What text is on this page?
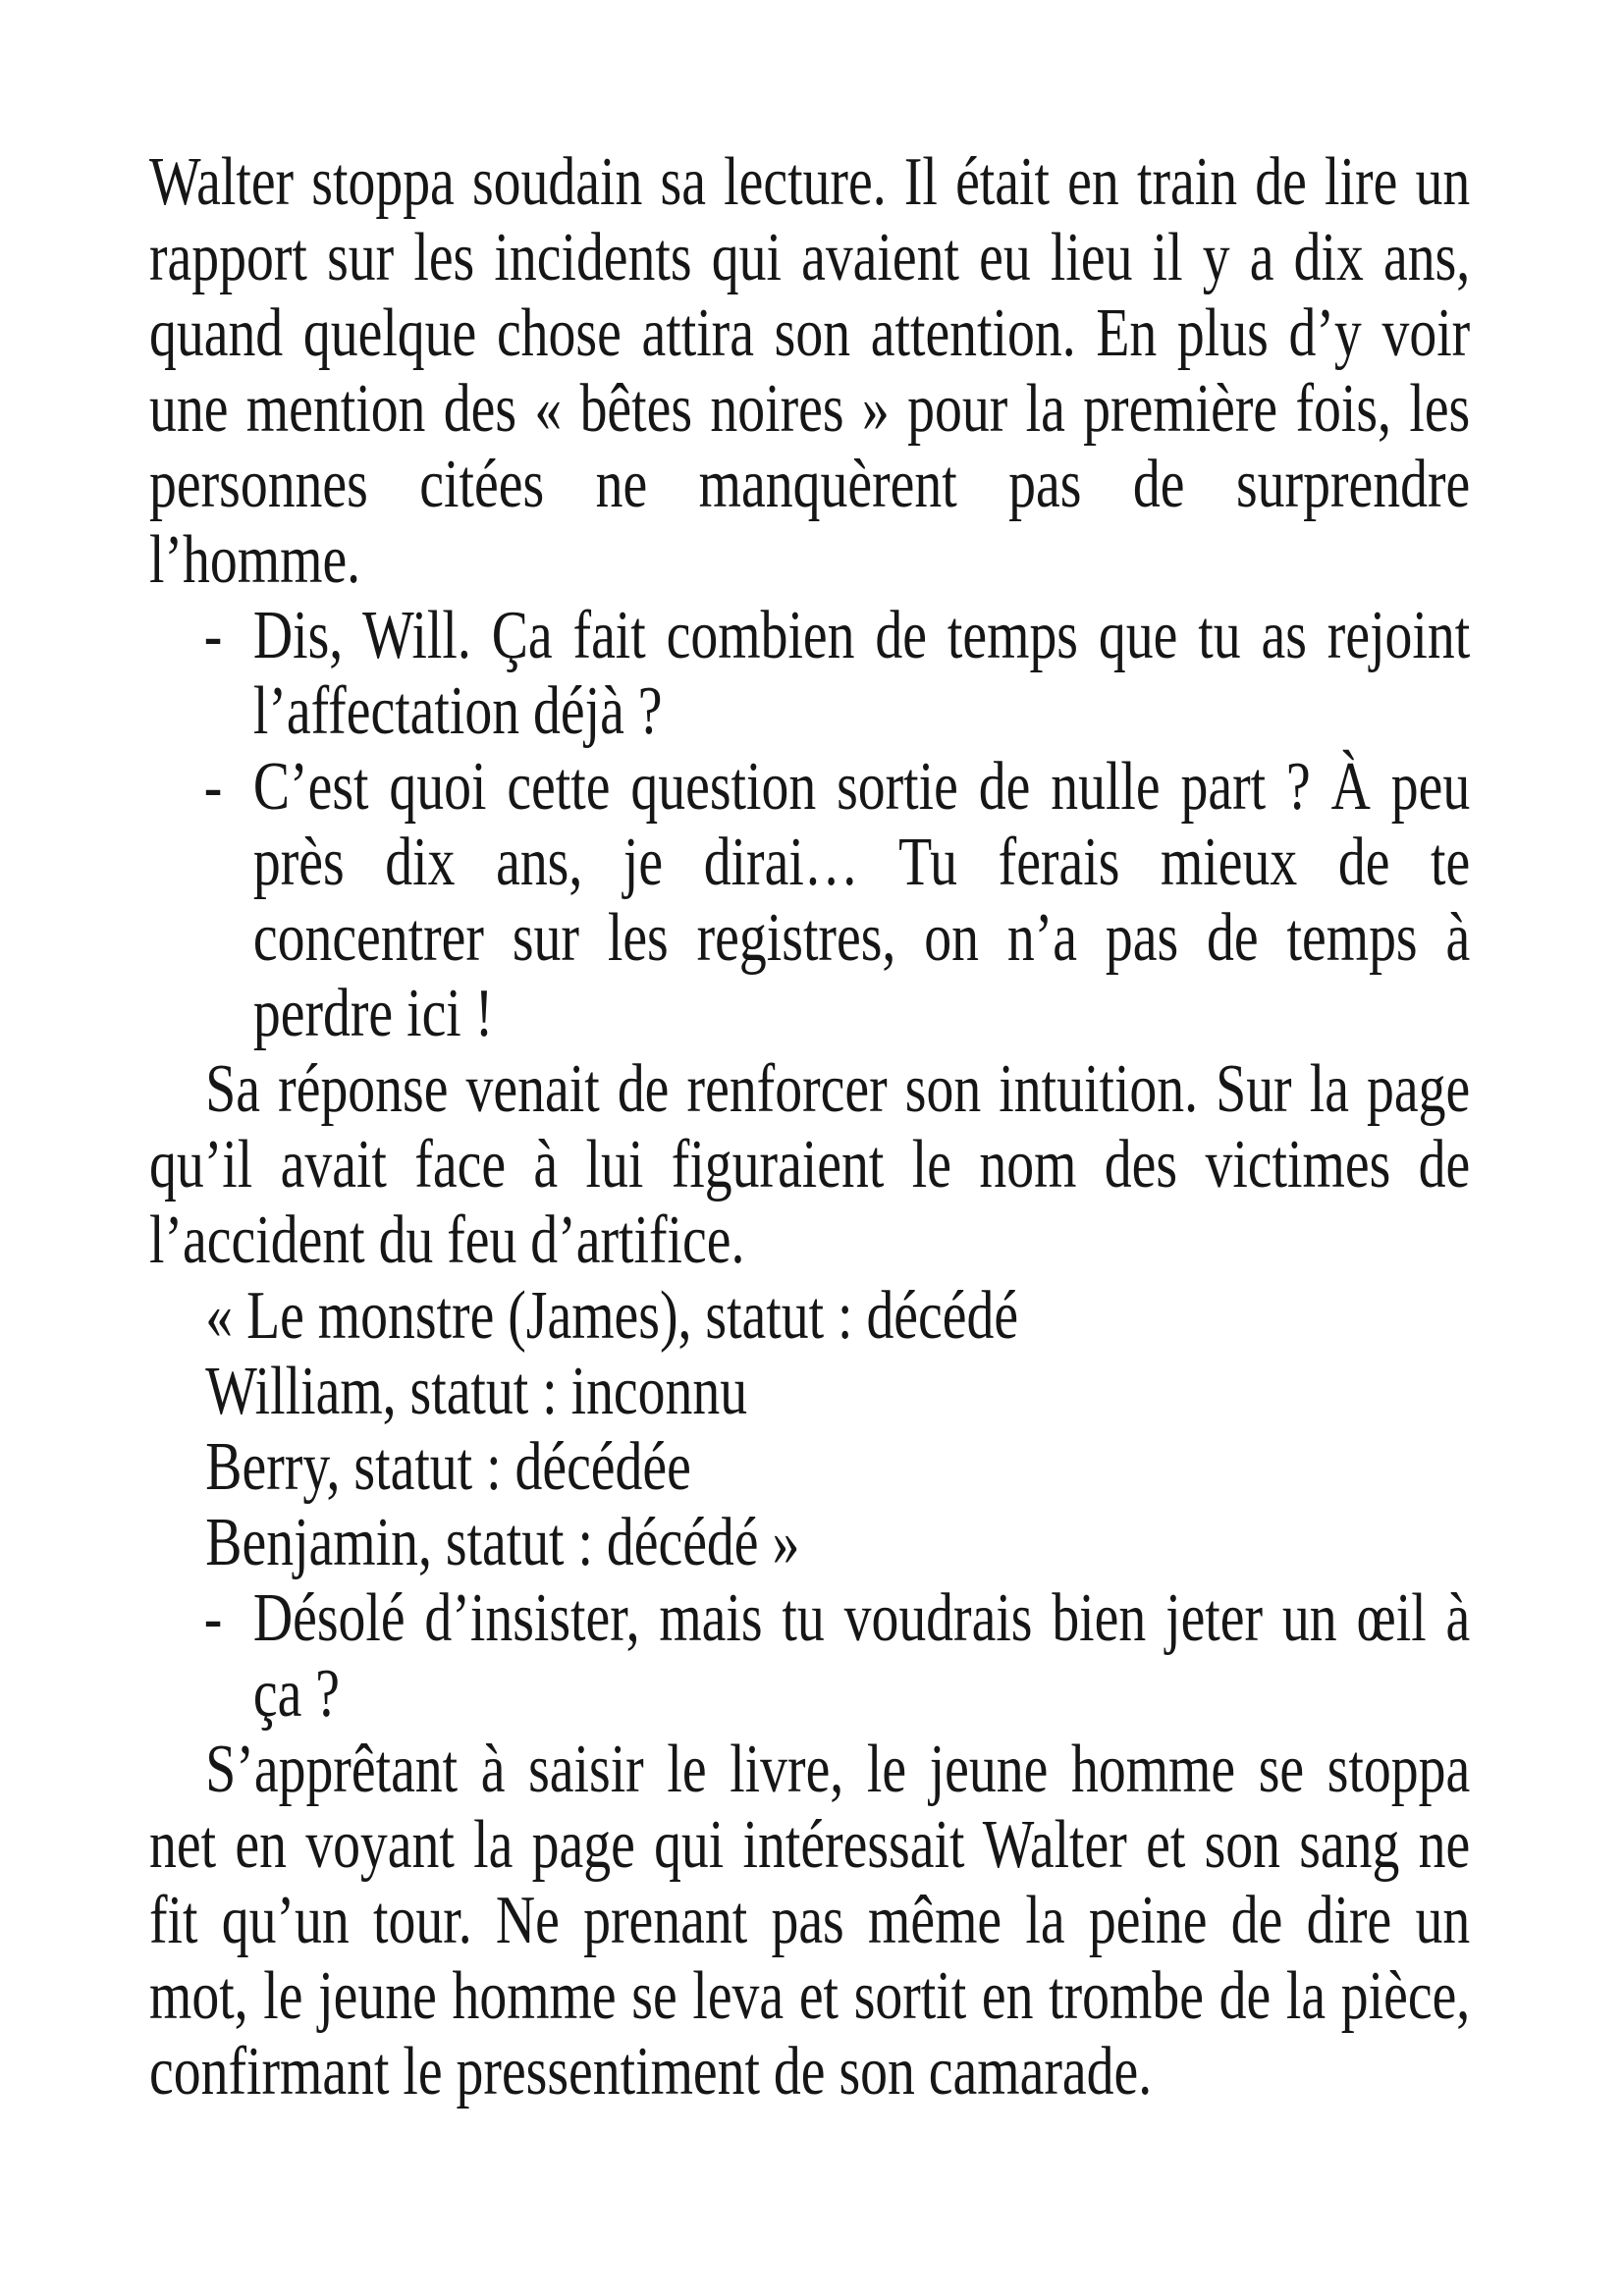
Walter stoppa soudain sa lecture. Il était en train de lire un
rapport sur les incidents qui avaient eu lieu il y a dix ans,
quand quelque chose attira son attention. En plus d’y voir
une mention des « bêtes noires » pour la première fois, les
personnes citées ne manquèrent pas de surprendre
l’homme.
- Dis, Will. Ça fait combien de temps que tu as rejoint
l’affectation déjà ?
- C’est quoi cette question sortie de nulle part ? À peu
près dix ans, je dirai… Tu ferais mieux de te
concentrer sur les registres, on n’a pas de temps à
perdre ici !
Sa réponse venait de renforcer son intuition. Sur la page
qu’il avait face à lui figuraient le nom des victimes de
l’accident du feu d’artifice.
« Le monstre (James), statut : décédé
William, statut : inconnu
Berry, statut : décédée
Benjamin, statut : décédé »
- Désolé d’insister, mais tu voudrais bien jeter un œil à
ça ?
S’apprêtant à saisir le livre, le jeune homme se stoppa
net en voyant la page qui intéressait Walter et son sang ne
fit qu’un tour. Ne prenant pas même la peine de dire un
mot, le jeune homme se leva et sortit en trombe de la pièce,
confirmant le pressentiment de son camarade.
